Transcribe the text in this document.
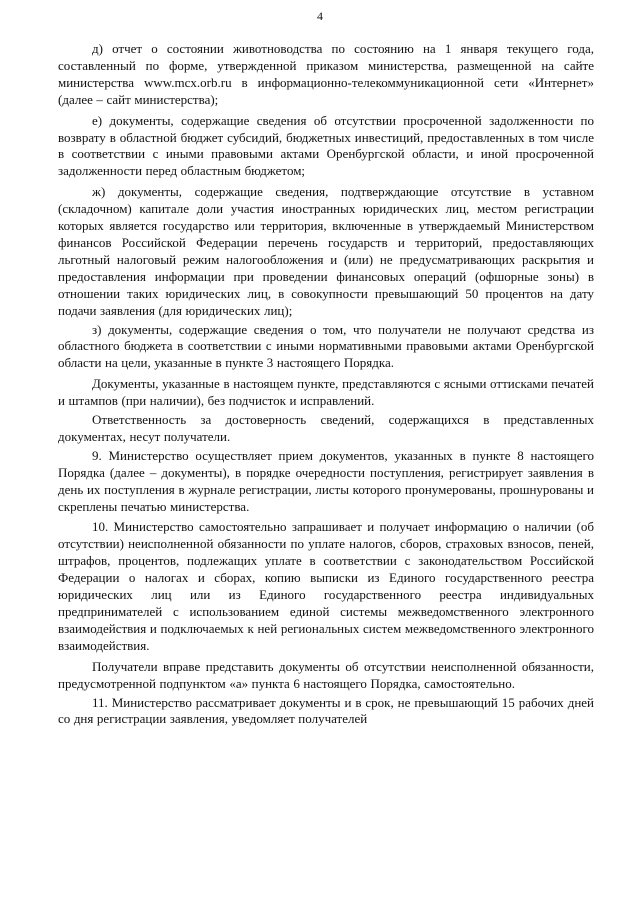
4

д) отчет о состоянии животноводства по состоянию на 1 января текущего года, составленный по форме, утвержденной приказом министерства, размещенной на сайте министерства www.mcx.orb.ru в информационно-телекоммуникационной сети «Интернет» (далее – сайт министерства);

е) документы, содержащие сведения об отсутствии просроченной задолженности по возврату в областной бюджет субсидий, бюджетных инвестиций, предоставленных в том числе в соответствии с иными правовыми актами Оренбургской области, и иной просроченной задолженности перед областным бюджетом;

ж) документы, содержащие сведения, подтверждающие отсутствие в уставном (складочном) капитале доли участия иностранных юридических лиц, местом регистрации которых является государство или территория, включенные в утверждаемый Министерством финансов Российской Федерации перечень государств и территорий, предоставляющих льготный налоговый режим налогообложения и (или) не предусматривающих раскрытия и предоставления информации при проведении финансовых операций (офшорные зоны) в отношении таких юридических лиц, в совокупности превышающий 50 процентов на дату подачи заявления (для юридических лиц);

з) документы, содержащие сведения о том, что получатели не получают средства из областного бюджета в соответствии с иными нормативными правовыми актами Оренбургской области на цели, указанные в пункте 3 настоящего Порядка.

Документы, указанные в настоящем пункте, представляются с ясными оттисками печатей и штампов (при наличии), без подчисток и исправлений.

Ответственность за достоверность сведений, содержащихся в представленных документах, несут получатели.

9. Министерство осуществляет прием документов, указанных в пункте 8 настоящего Порядка (далее – документы), в порядке очередности поступления, регистрирует заявления в день их поступления в журнале регистрации, листы которого пронумерованы, прошнурованы и скреплены печатью министерства.

10. Министерство самостоятельно запрашивает и получает информацию о наличии (об отсутствии) неисполненной обязанности по уплате налогов, сборов, страховых взносов, пеней, штрафов, процентов, подлежащих уплате в соответствии с законодательством Российской Федерации о налогах и сборах, копию выписки из Единого государственного реестра юридических лиц или из Единого государственного реестра индивидуальных предпринимателей с использованием единой системы межведомственного электронного взаимодействия и подключаемых к ней региональных систем межведомственного электронного взаимодействия.

Получатели вправе представить документы об отсутствии неисполненной обязанности, предусмотренной подпунктом «а» пункта 6 настоящего Порядка, самостоятельно.

11. Министерство рассматривает документы и в срок, не превышающий 15 рабочих дней со дня регистрации заявления, уведомляет получателей
